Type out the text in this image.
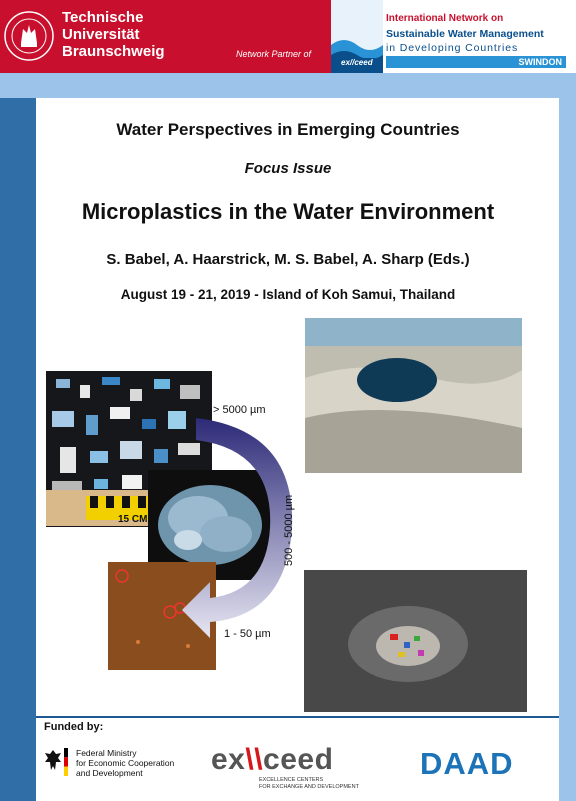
Technische
Universität
Braunschweig	Network Partner of
ex//ceed
International Network on
Sustainable Water Management
in Developing Countries
SWINDON
Water Perspectives in Emerging Countries
Focus Issue
Microplastics in the Water Environment
S. Babel, A. Haarstrick, M. S. Babel, A. Sharp (Eds.)
August 19 - 21, 2019 - Island of Koh Samui, Thailand
15 CM
> 5000 µm
500 - 5000 µm
1 - 50 µm
Funded by:
Federal Ministry
for Economic Cooperation
and Development	ex\\ceed
EXCELLENCE CENTERS
FOR EXCHANGE AND DEVELOPMENT
DAAD
